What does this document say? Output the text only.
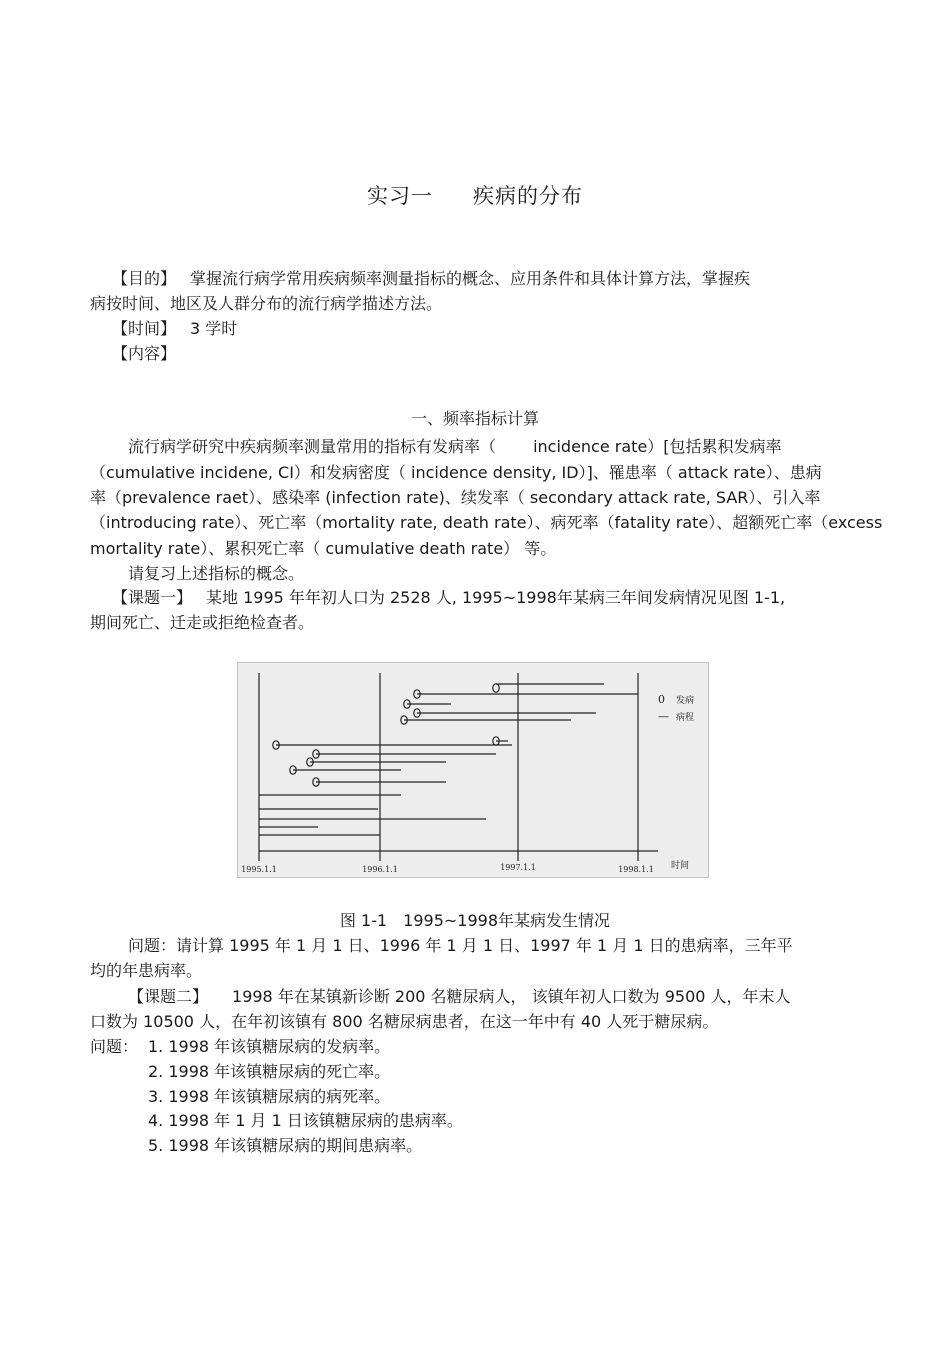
实习一 疾病的分布
【目的】 掌握流行病学常用疾病频率测量指标的概念、应用条件和具体计算方法，掌握疾
病按时间、地区及人群分布的流行病学描述方法。
【时间】 3 学时
【内容】
一、频率指标计算
流行病学研究中疾病频率测量常用的指标有发病率（　　 incidence rate）[包括累积发病率
（cumulative incidene, CI）和发病密度（ incidence density, ID）]、罹患率（ attack rate）、患病
率（prevalence raet）、感染率 (infection rate)、续发率（ secondary attack rate, SAR）、引入率
（introducing rate）、死亡率（mortality rate, death rate）、病死率（fatality rate）、超额死亡率（excess
mortality rate）、累积死亡率（ cumulative death rate） 等。
请复习上述指标的概念。
【课题一】 某地 1995 年年初人口为 2528 人, 1995~1998年某病三年间发病情况见图 1-1,
期间死亡、迁走或拒绝检查者。
0 发病
— 病程
1995.1.1	1996.1.1	1997.1.1	1998.1.1 时间
图 1-1　1995~1998年某病发生情况
问题：请计算 1995 年 1 月 1 日、1996 年 1 月 1 日、1997 年 1 月 1 日的患病率，三年平
均的年患病率。
【课题二】 1998 年在某镇新诊断 200 名糖尿病人， 该镇年初人口数为 9500 人，年末人
口数为 10500 人，在年初该镇有 800 名糖尿病患者，在这一年中有 40 人死于糖尿病。
问题： 1. 1998 年该镇糖尿病的发病率。
2. 1998 年该镇糖尿病的死亡率。
3. 1998 年该镇糖尿病的病死率。
4. 1998 年 1 月 1 日该镇糖尿病的患病率。
5. 1998 年该镇糖尿病的期间患病率。
